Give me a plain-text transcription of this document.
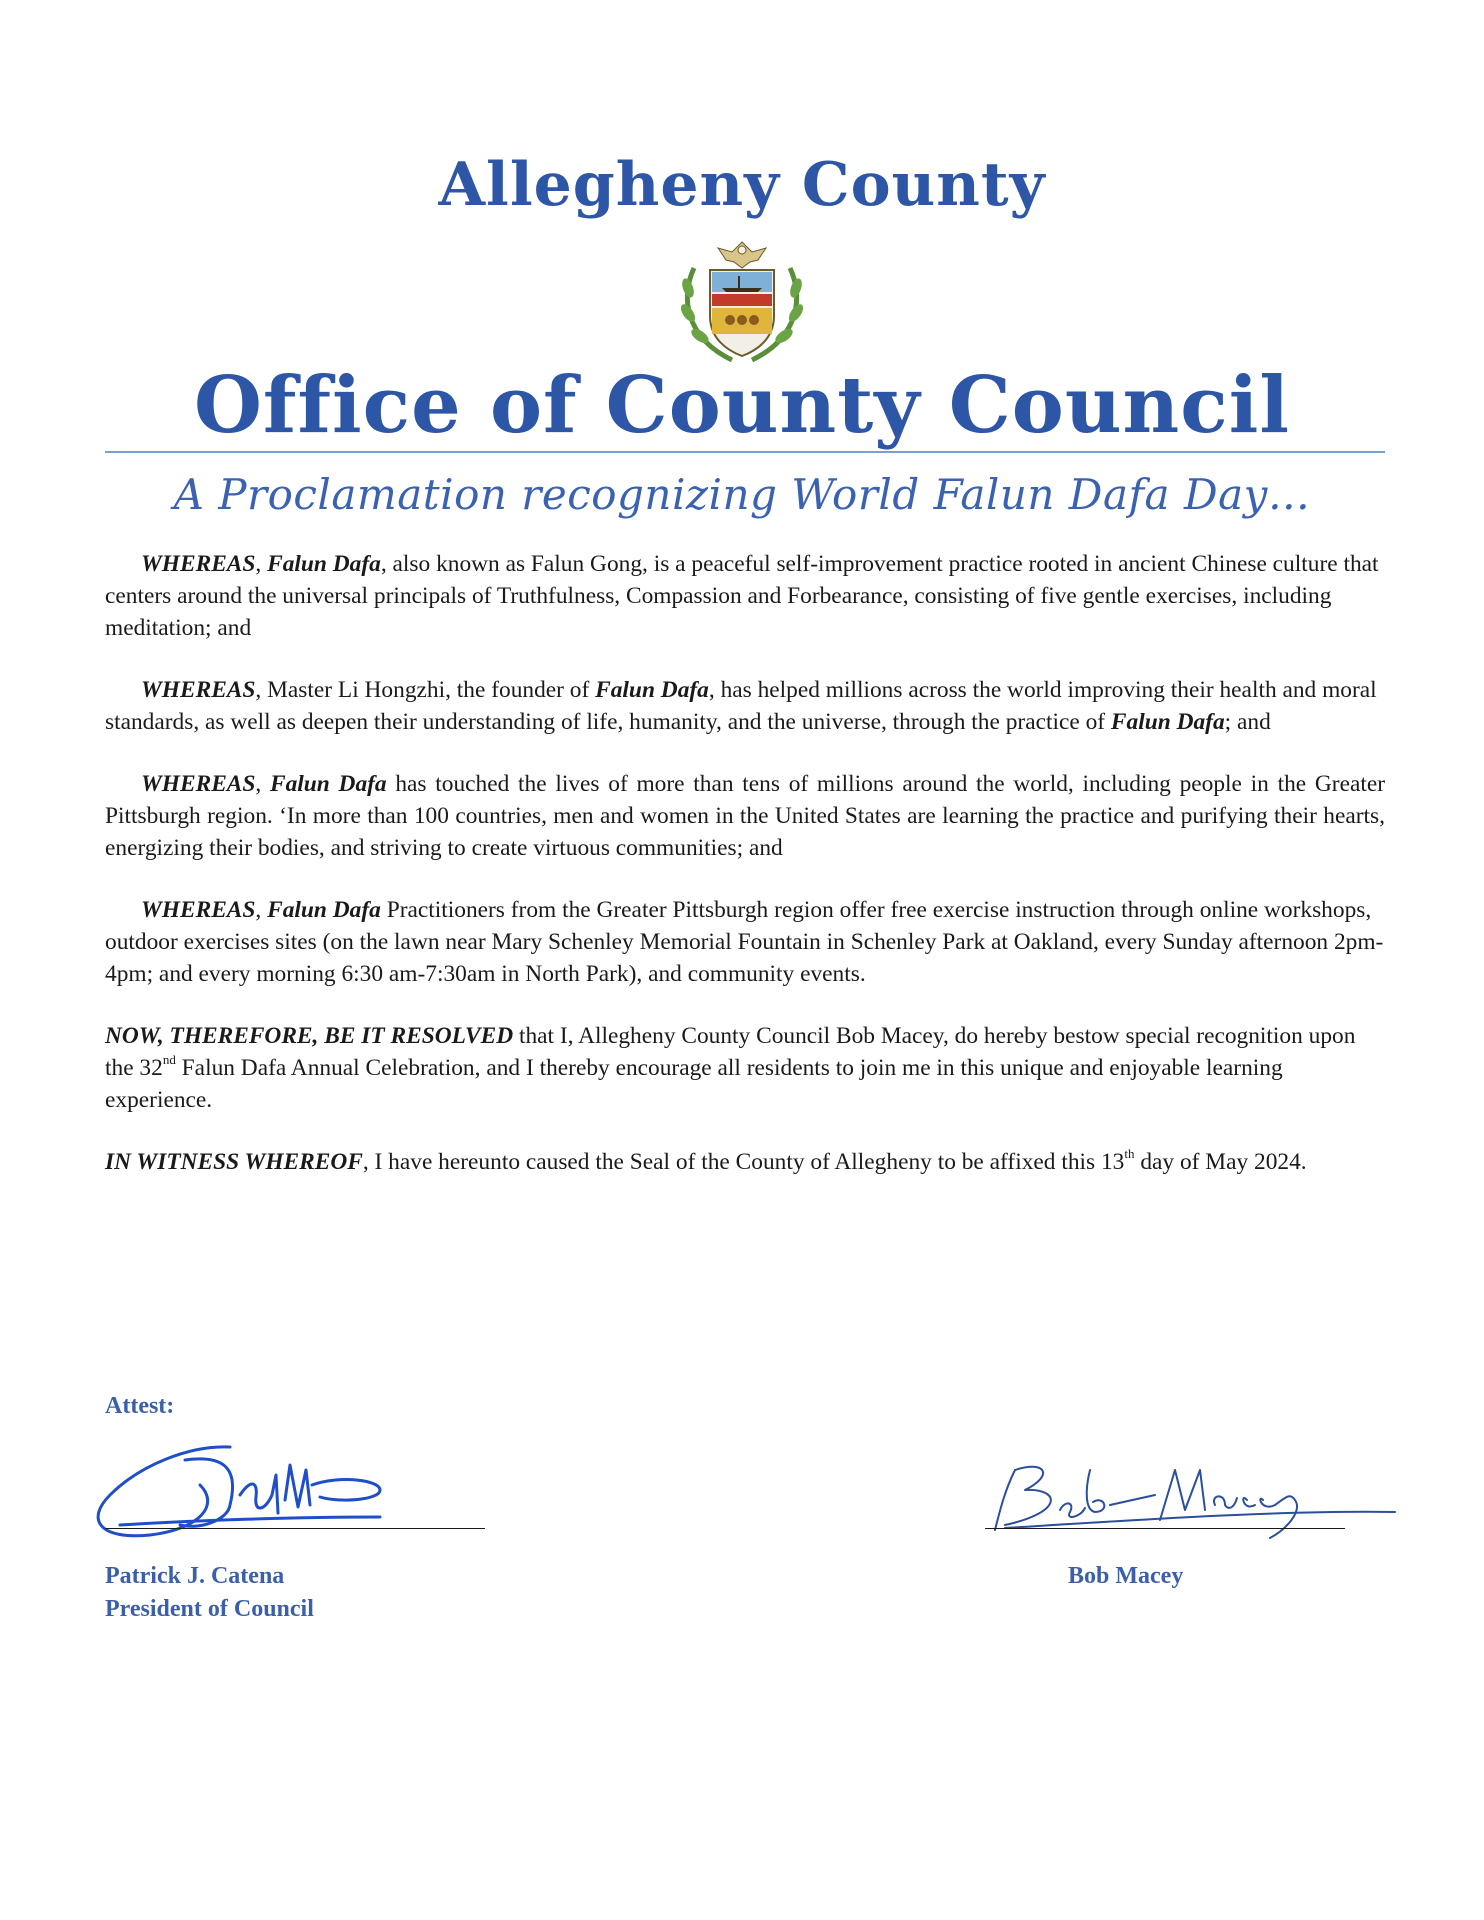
Allegheny County
Office of County Council
A Proclamation recognizing World Falun Dafa Day…

WHEREAS, Falun Dafa, also known as Falun Gong, is a peaceful self-improvement practice rooted in ancient Chinese culture that centers around the universal principals of Truthfulness, Compassion and Forbearance, consisting of five gentle exercises, including meditation; and

WHEREAS, Master Li Hongzhi, the founder of Falun Dafa, has helped millions across the world improving their health and moral standards, as well as deepen their understanding of life, humanity, and the universe, through the practice of Falun Dafa; and

WHEREAS, Falun Dafa has touched the lives of more than tens of millions around the world, including people in the Greater Pittsburgh region. ‘In more than 100 countries, men and women in the United States are learning the practice and purifying their hearts, energizing their bodies, and striving to create virtuous communities; and

WHEREAS, Falun Dafa Practitioners from the Greater Pittsburgh region offer free exercise instruction through online workshops, outdoor exercises sites (on the lawn near Mary Schenley Memorial Fountain in Schenley Park at Oakland, every Sunday afternoon 2pm-4pm; and every morning 6:30 am-7:30am in North Park), and community events.

NOW, THEREFORE, BE IT RESOLVED that I, Allegheny County Council Bob Macey, do hereby bestow special recognition upon the 32nd Falun Dafa Annual Celebration, and I thereby encourage all residents to join me in this unique and enjoyable learning experience.

IN WITNESS WHEREOF, I have hereunto caused the Seal of the County of Allegheny to be affixed this 13th day of May 2024.

Attest:
Patrick J. Catena
President of Council
Bob Macey
